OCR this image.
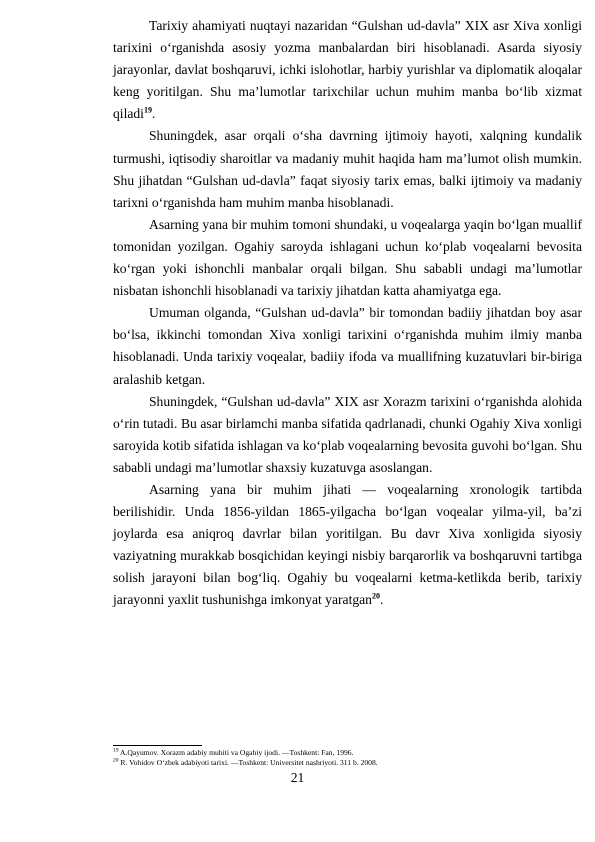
Tarixiy ahamiyati nuqtayi nazaridan “Gulshan ud-davla” XIX asr Xiva xonligi tarixini o‘rganishda asosiy yozma manbalardan biri hisoblanadi. Asarda siyosiy jarayonlar, davlat boshqaruvi, ichki islohotlar, harbiy yurishlar va diplomatik aloqalar keng yoritilgan. Shu ma’lumotlar tarixchilar uchun muhim manba bo‘lib xizmat qiladi$^{19}$.

Shuningdek, asar orqali o‘sha davrning ijtimoiy hayoti, xalqning kundalik turmushi, iqtisodiy sharoitlar va madaniy muhit haqida ham ma’lumot olish mumkin. Shu jihatdan “Gulshan ud-davla” faqat siyosiy tarix emas, balki ijtimoiy va madaniy tarixni o‘rganishda ham muhim manba hisoblanadi.

Asarning yana bir muhim tomoni shundaki, u voqealarga yaqin bo‘lgan muallif tomonidan yozilgan. Ogahiy saroyda ishlagani uchun ko‘plab voqealarni bevosita ko‘rgan yoki ishonchli manbalar orqali bilgan. Shu sababli undagi ma’lumotlar nisbatan ishonchli hisoblanadi va tarixiy jihatdan katta ahamiyatga ega.

Umuman olganda, “Gulshan ud-davla” bir tomondan badiiy jihatdan boy asar bo‘lsa, ikkinchi tomondan Xiva xonligi tarixini o‘rganishda muhim ilmiy manba hisoblanadi. Unda tarixiy voqealar, badiiy ifoda va muallifning kuzatuvlari bir-biriga aralashib ketgan.

Shuningdek, “Gulshan ud-davla” XIX asr Xorazm tarixini o‘rganishda alohida o‘rin tutadi. Bu asar birlamchi manba sifatida qadrlanadi, chunki Ogahiy Xiva xonligi saroyida kotib sifatida ishlagan va ko‘plab voqealarning bevosita guvohi bo‘lgan. Shu sababli undagi ma’lumotlar shaxsiy kuzatuvga asoslangan.

Asarning yana bir muhim jihati — voqealarning xronologik tartibda berilishidir. Unda 1856-yildan 1865-yilgacha bo‘lgan voqealar yilma-yil, ba’zi joylarda esa aniqroq davrlar bilan yoritilgan. Bu davr Xiva xonligida siyosiy vaziyatning murakkab bosqichidan keyingi nisbiy barqarorlik va boshqaruvni tartibga solish jarayoni bilan bog‘liq. Ogahiy bu voqealarni ketma-ketlikda berib, tarixiy jarayonni yaxlit tushunishga imkonyat yaratgan$^{20}$.

$^{19}$ A.Qayumov. Xorazm adabiy muhiti va Ogahiy ijodi. —Toshkent: Fan, 1996.

$^{20}$ R. Vohidov O‘zbek adabiyoti tarixi. —Toshkent: Universitet nashriyoti. 311 b. 2008.

21
